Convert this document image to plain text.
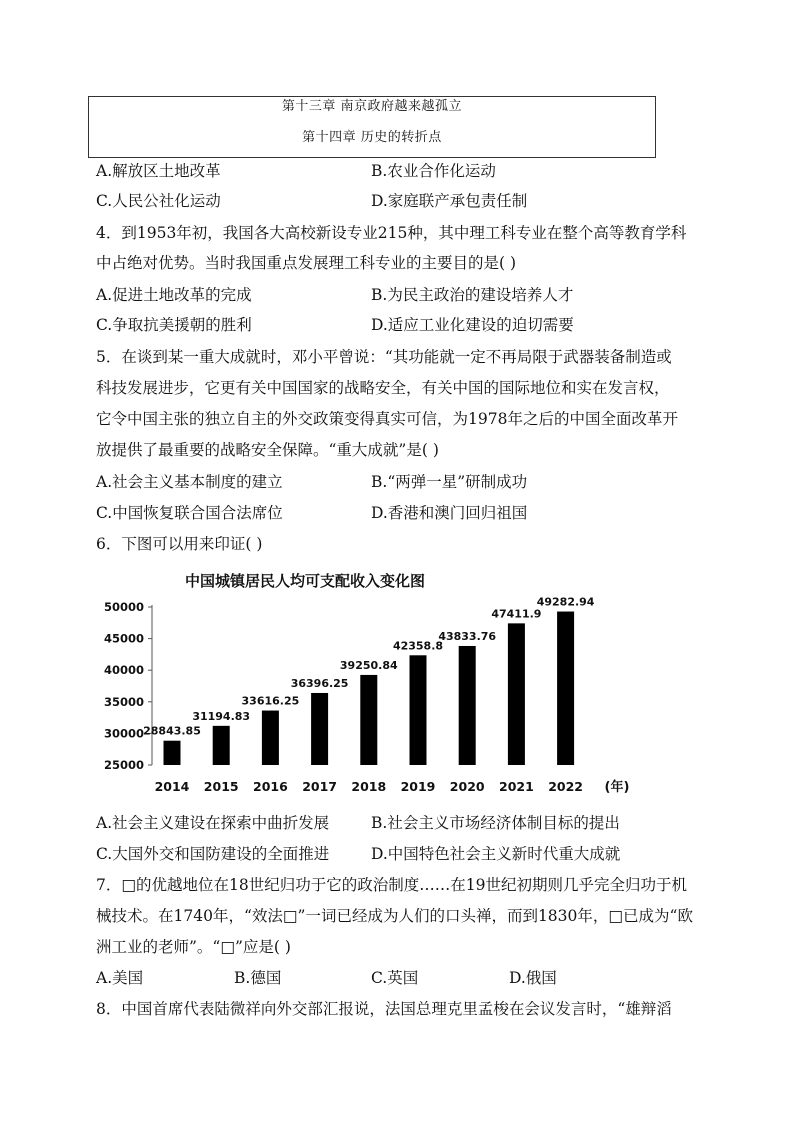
第十三章 南京政府越来越孤立
第十四章 历史的转折点
A.解放区土地改革	B.农业合作化运动
C.人民公社化运动	D.家庭联产承包责任制
4．到1953年初，我国各大高校新设专业215种，其中理工科专业在整个高等教育学科
中占绝对优势。当时我国重点发展理工科专业的主要目的是( )
A.促进土地改革的完成	B.为民主政治的建设培养人才
C.争取抗美援朝的胜利	D.适应工业化建设的迫切需要
5．在谈到某一重大成就时，邓小平曾说：“其功能就一定不再局限于武器装备制造或
科技发展进步，它更有关中国国家的战略安全，有关中国的国际地位和实在发言权，
它令中国主张的独立自主的外交政策变得真实可信，为1978年之后的中国全面改革开
放提供了最重要的战略安全保障。“重大成就”是( )
A.社会主义基本制度的建立	B.“两弹一星”研制成功
C.中国恢复联合国合法席位	D.香港和澳门回归祖国
6．下图可以用来印证( )
中国城镇居民人均可支配收入变化图
25000
30000
35000
40000
45000
50000
2014 2015 2016 2017 2018 2019 2020 2021 2022
28843.85
31194.83
33616.25
36396.25
39250.84
42358.8
43833.76
47411.9
49282.94
(年)
A.社会主义建设在探索中曲折发展	B.社会主义市场经济体制目标的提出
C.大国外交和国防建设的全面推进	D.中国特色社会主义新时代重大成就
7．□的优越地位在18世纪归功于它的政治制度……在19世纪初期则几乎完全归功于机
械技术。在1740年，“效法□”一词已经成为人们的口头禅，而到1830年，□已成为“欧
洲工业的老师”。“□”应是( )
A.美国	B.德国	C.英国	D.俄国
8．中国首席代表陆微祥向外交部汇报说，法国总理克里孟梭在会议发言时，“雄辩滔
